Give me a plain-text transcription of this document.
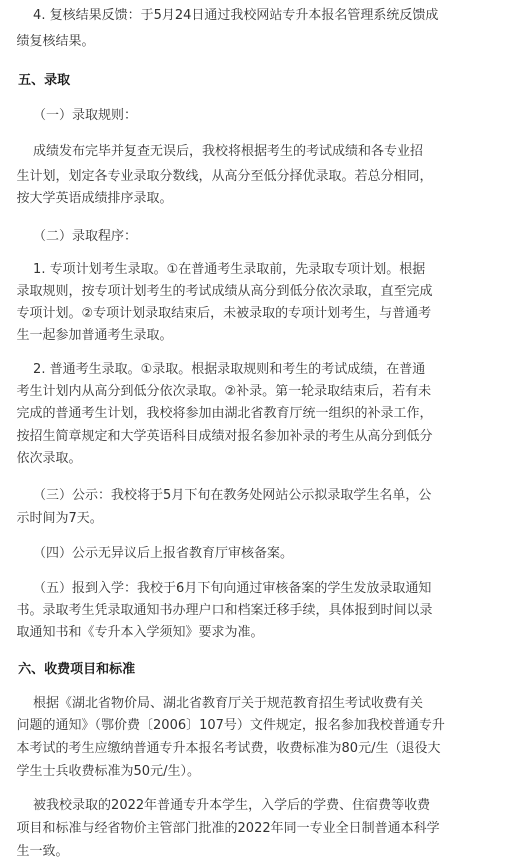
4. 复核结果反馈：于5月24日通过我校网站专升本报名管理系统反馈成
绩复核结果。
五、录取
（一）录取规则：
成绩发布完毕并复查无误后，我校将根据考生的考试成绩和各专业招
生计划，划定各专业录取分数线，从高分至低分择优录取。若总分相同，
按大学英语成绩排序录取。
（二）录取程序：
1. 专项计划考生录取。①在普通考生录取前，先录取专项计划。根据
录取规则，按专项计划考生的考试成绩从高分到低分依次录取，直至完成
专项计划。②专项计划录取结束后，未被录取的专项计划考生，与普通考
生一起参加普通考生录取。
2. 普通考生录取。①录取。根据录取规则和考生的考试成绩，在普通
考生计划内从高分到低分依次录取。②补录。第一轮录取结束后，若有未
完成的普通考生计划，我校将参加由湖北省教育厅统一组织的补录工作，
按招生简章规定和大学英语科目成绩对报名参加补录的考生从高分到低分
依次录取。
（三）公示：我校将于5月下旬在教务处网站公示拟录取学生名单，公
示时间为7天。
（四）公示无异议后上报省教育厅审核备案。
（五）报到入学：我校于6月下旬向通过审核备案的学生发放录取通知
书。录取考生凭录取通知书办理户口和档案迁移手续，具体报到时间以录
取通知书和《专升本入学须知》要求为准。
六、收费项目和标准
根据《湖北省物价局、湖北省教育厅关于规范教育招生考试收费有关
问题的通知》（鄂价费〔2006〕107号）文件规定，报名参加我校普通专升
本考试的考生应缴纳普通专升本报名考试费，收费标准为80元/生（退役大
学生士兵收费标准为50元/生）。
被我校录取的2022年普通专升本学生，入学后的学费、住宿费等收费
项目和标准与经省物价主管部门批准的2022年同一专业全日制普通本科学
生一致。
